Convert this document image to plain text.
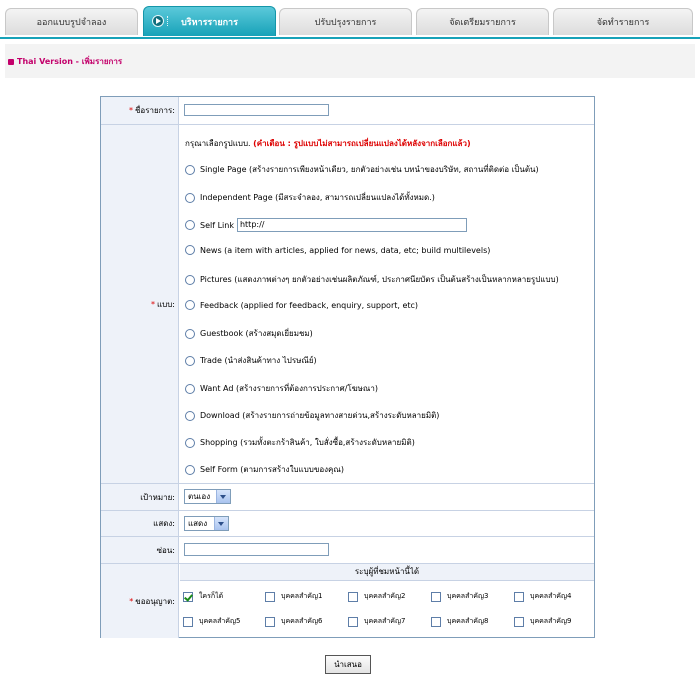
ออกแบบรูปจำลอง	บริหารรายการ	ปรับปรุงรายการ	จัดเตรียมรายการ	จัดทำรายการ
Thai Version - เพิ่มรายการ
* ชื่อรายการ:
* แบบ:
กรุณาเลือกรูปแบบ. (คำเตือน : รูปแบบไม่สามารถเปลี่ยนแปลงได้หลังจากเลือกแล้ว)
Single Page (สร้างรายการเพียงหน้าเดียว, ยกตัวอย่างเช่น บทนำของบริษัท, สถานที่ติดต่อ เป็นต้น)
Independent Page (มีสระจำลอง, สามารถเปลี่ยนแปลงได้ทั้งหมด.)
Self Link http://
News (a item with articles, applied for news, data, etc; build multilevels)
Pictures (แสดงภาพต่างๆ ยกตัวอย่างเช่นผลิตภัณฑ์, ประกาศนียบัตร เป็นต้นสร้างเป็นหลากหลายรูปแบบ)
Feedback (applied for feedback, enquiry, support, etc)
Guestbook (สร้างสมุดเยี่ยมชม)
Trade (นำส่งสินค้าทาง ไปรษณีย์)
Want Ad (สร้างรายการที่ต้องการประกาศ/โฆษณา)
Download (สร้างรายการถ่ายข้อมูลทางสายด่วน,สร้างระดับหลายมิติ)
Shopping (รวมทั้งตะกร้าสินค้า, ใบสั่งซื้อ,สร้างระดับหลายมิติ)
Self Form (ตามการสร้างใบแบบของคุณ)
เป้าหมาย:	ตนเอง
แสดง:	แสดง
ซ่อน:
* ขออนุญาต:
ระบุผู้ที่ชมหน้านี้ได้
ใครก็ได้	บุคคลสำคัญ1	บุคคลสำคัญ2	บุคคลสำคัญ3	บุคคลสำคัญ4
บุคคลสำคัญ5	บุคคลสำคัญ6	บุคคลสำคัญ7	บุคคลสำคัญ8	บุคคลสำคัญ9
นำเสนอ
